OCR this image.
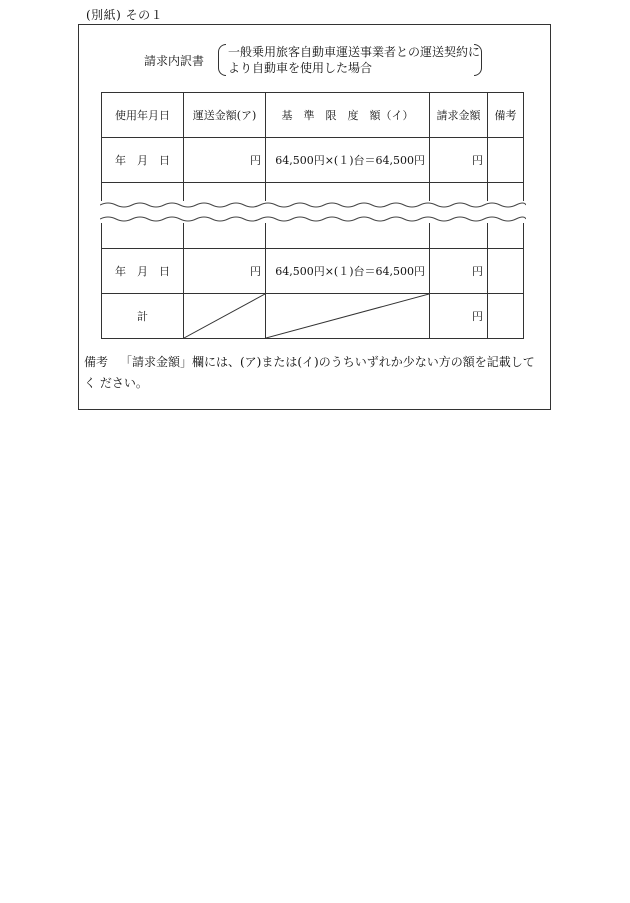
(別紙) その１
請求内訳書
一般乗用旅客自動車運送事業者との運送契約に
より自動車を使用した場合
使用年月日	運送金額(ア)	基　準　限　度　額（イ）	請求金額	備考
年　月　日	円	64,500円×(１)台＝64,500円	円	

年　月　日	円	64,500円×(１)台＝64,500円	円	
計			円	
備考 「請求金額」欄には、(ア)または(イ)のうちいずれか少ない方の額を記載してく ださい。
